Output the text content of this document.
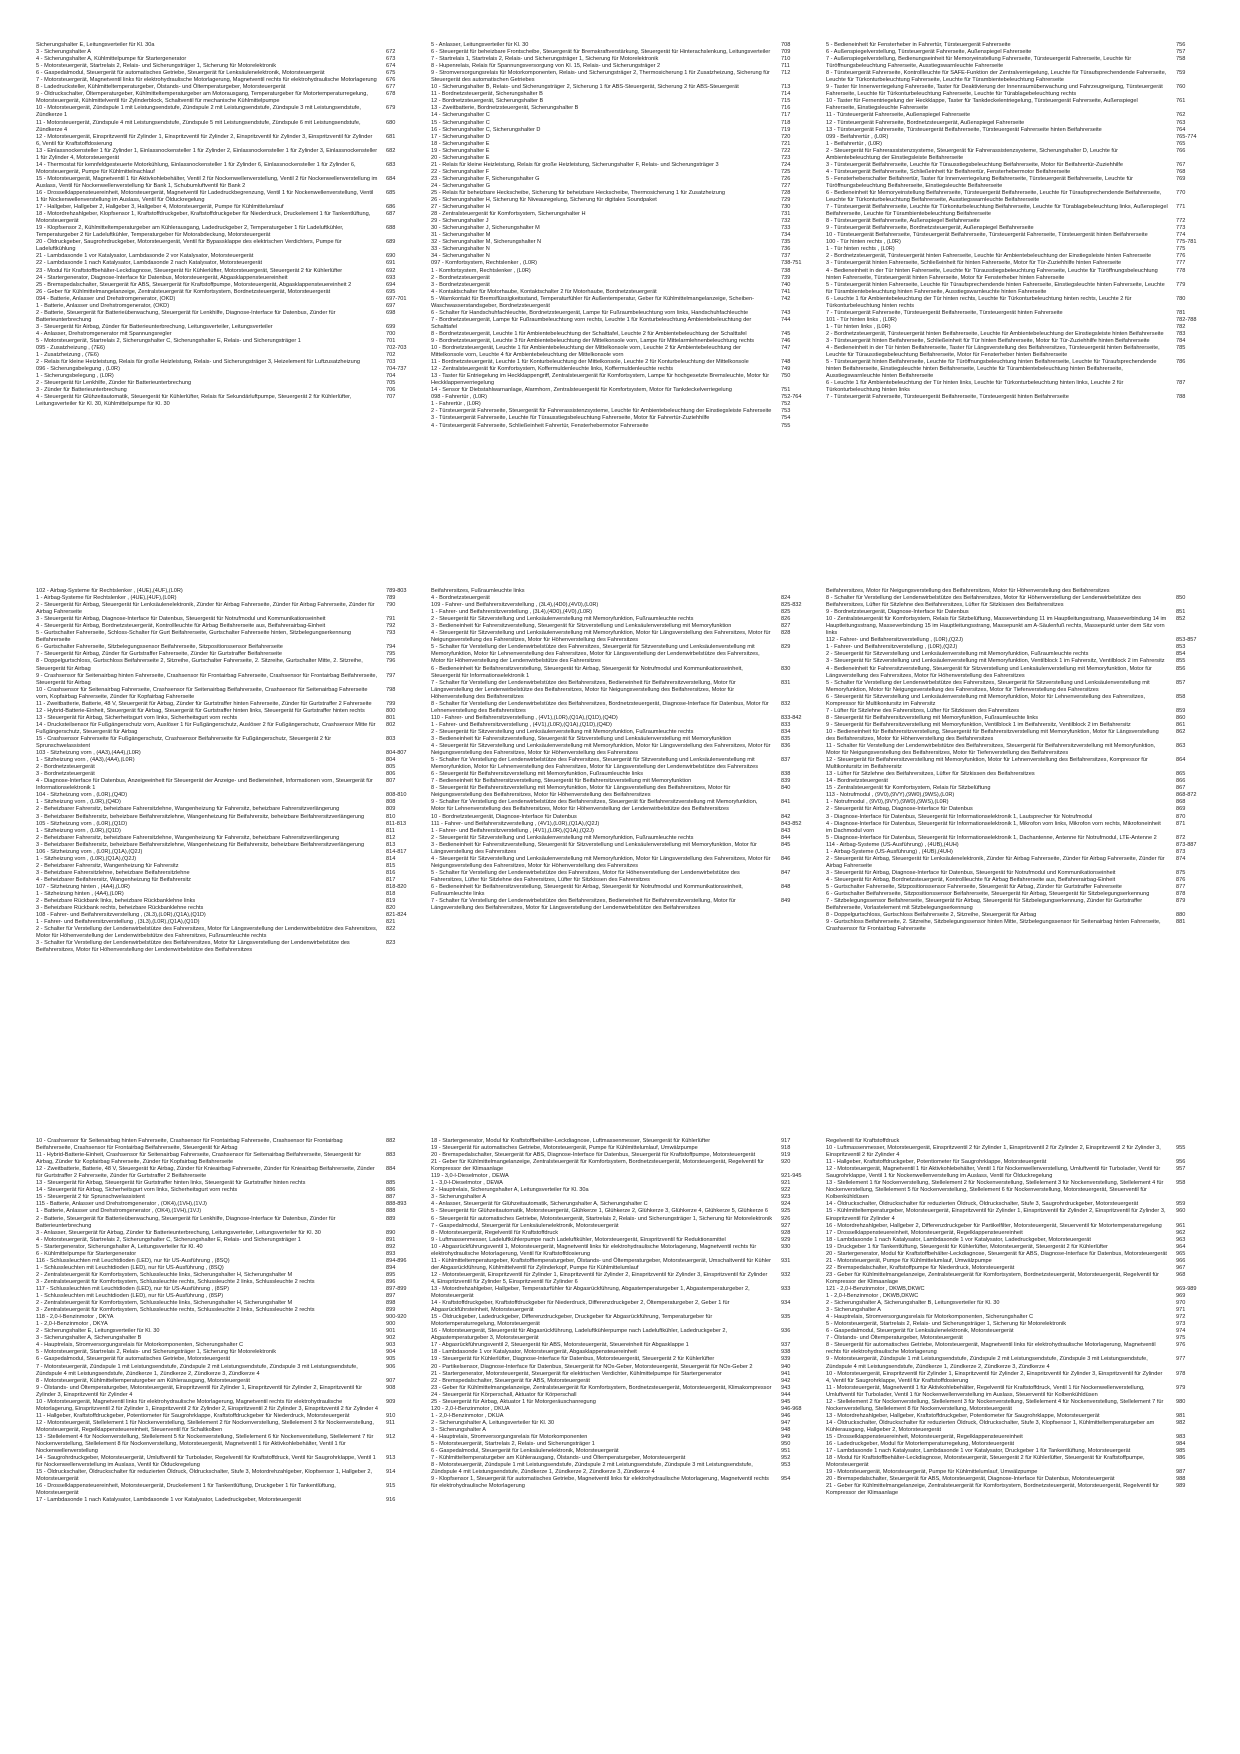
Sicherungshalter E, Leitungsverteiler für Kl. 30a
3 - Sicherungshalter A	672
4 - Sicherungshalter A, Kühlmittelpumpe für Startergenerator	673
5 - Motorsteuergerät, Startrelais 2, Relais- und Sicherungsträger 1, Sicherung für Motorelektronik	674
6 - Gaspedalmodul, Steuergerät für automatisches Getriebe, Steuergerät für Lenksäulenelektronik, Motorsteuergerät	675
7 - Motorsteuergerät, Magnetventil links für elektrohydraulische Motorlagerung, Magnetventil rechts für elektrohydraulische Motorlagerung	676
8 - Ladedrucksteller, Kühlmitteltemperaturgeber, Ölstands- und Öltemperaturgeber, Motorsteuergerät	677
9 - Öldruckschalter, Öltemperaturgeber, Kühlmitteltemperaturgeber am Motorausgang, Temperaturgeber für Motortemperaturregelung, Motorsteuergerät, Kühlmittelventil für Zylinderblock, Schaltventil für mechanische Kühlmittelpumpe
678
10 - Motorsteuergerät, Zündspule 1 mit Leistungsendstufe, Zündspule 2 mit Leistungsendstufe, Zündspule 3 mit Leistungsendstufe, Zündkerze 1
679
11 - Motorsteuergerät, Zündspule 4 mit Leistungsendstufe, Zündspule 5 mit Leistungsendstufe, Zündspule 6 mit Leistungsendstufe, Zündkerze 4
680
12 - Motorsteuergerät, Einspritzventil für Zylinder 1, Einspritzventil für Zylinder 2, Einspritzventil für Zylinder 3, Einspritzventil für Zylinder 6, Ventil für Kraftstoffdosierung
681
13 - Einlassnockensteller 1 für Zylinder 1, Einlassnockensteller 1 für Zylinder 2, Einlassnockensteller 1 für Zylinder 3, Einlassnockensteller 1 für Zylinder 4, Motorsteuergerät
682
14 - Thermostat für kennfeldgesteuerte Motorkühlung, Einlassnockensteller 1 für Zylinder 6, Einlassnockensteller 1 für Zylinder 6, Motorsteuergerät, Pumpe für Kühlmittelnachlauf
683
15 - Motorsteuergerät, Magnetventil 1 für Aktivkohlebehälter, Ventil 2 für Nockenwellenverstellung, Ventil 2 für Nockenwellenverstellung im Auslass, Ventil für Nockenwellenverstellung für Bank 1, Schubumluftventil für Bank 2
684
16 - Drosselklappensteuereinheit, Motorsteuergerät, Magnetventil für Ladedruckbegrenzung, Ventil 1 für Nockenwellenverstellung, Ventil 1 für Nockenwellenverstellung im Auslass, Ventil für Ölduckregelung
685
17 - Hallgeber, Hallgeber 2, Hallgeber 3, Hallgeber 4, Motorsteuergerät, Pumpe für Kühlmittelumlauf	686
18 - Motordrehzahlgeber, Klopfsensor 1, Kraftstoffdruckgeber, Kraftstoffdruckgeber für Niederdruck, Druckelement 1 für Tankentlüftung, Motorsteuergerät
687
19 - Klopfsensor 2, Kühlmitteltemperaturgeber am Kühlerausgang, Ladedruckgeber 2, Temperaturgeber 1 für Ladeluftkühler, Temperaturgeber 2 für Ladeluftkühler, Temperaturgeber für Motorabdeckung, Motorsteuergerät
688
20 - Öldruckgeber, Saugrohrdruckgeber, Motorsteuergerät, Ventil für Bypassklappe des elektrischen Verdichters, Pumpe für Ladeluftkühlung
689
21 - Lambdasonde 1 vor Katalysator, Lambdasonde 2 vor Katalysator, Motorsteuergerät	690
22 - Lambdasonde 1 nach Katalysator, Lambdasonde 2 nach Katalysator, Motorsteuergerät	691
23 - Modul für Kraftstoffbehälter-Leckdiagnose, Steuergerät für Kühlerlüfter, Motorsteuergerät, Steuergerät 2 für Kühlerlüfter	692
24 - Startergenerator, Diagnose-Interface für Datenbus, Motorsteuergerät, Abgasklappensteuereinheit	693
25 - Bremspedalschalter, Steuergerät für ABS, Steuergerät für Kraftstoffpumpe, Motorsteuergerät, Abgasklappensteuereinheit 2	694
26 - Geber für Kühlmittelmangelanzeige, Zentralsteuergerät für Komfortsystem, Bordnetzsteuergerät, Motorsteuergerät	695
094 - Batterie, Anlasser und Drehstromgenerator, (OKD)	697-701
1 - Batterie, Anlasser und Drehstromgenerator, (OKD)	697
2 - Batterie, Steuergerät für Batterieüberwachung, Steuergerät für Lenkhilfe, Diagnose-Interface für Datenbus, Zünder für Batterieunterbrechung
698
3 - Steuergerät für Airbag, Zünder für Batterieunterbrechung, Leitungsverteiler, Leitungsverteiler	699
4 - Anlasser, Drehstromgenerator mit Spannungsregler	700
5 - Motorsteuergerät, Startrelais 2, Sicherungshalter C, Sicherungshalter E, Relais- und Sicherungsträger 1	701
095 - Zusatzheizung , (7E6)	702-703
1 - Zusatzheizung , (7E6)	702
2 - Relais für kleine Heizleistung, Relais für große Heizleistung, Relais- und Sicherungsträger 3, Heizelement für Luftzusatzheizung	703
096 - Sicherungsbelegung , (L0R)	704-737
1 - Sicherungsbelegung , (L0R)	704
2 - Steuergerät für Lenkhilfe, Zünder für Batterieunterbrechung	705
3 - Zünder für Batterieunterbrechung	706
4 - Steuergerät für Glühzeitautomatik, Steuergerät für Kühlerlüfter, Relais für Sekundärluftpumpe, Steuergerät 2 für Kühlerlüfter, Leitungsverteiler für Kl. 30, Kühlmittelpumpe für Kl. 30
707
5 - Anlasser, Leitungsverteiler für Kl. 30	708
6 - Steuergerät für beheizbare Frontscheibe, Steuergerät für Bremskraftverstärkung, Steuergerät für Hinterachslenkung, Leitungsverteiler	709
7 - Startrelais 1, Startrelais 2, Relais- und Sicherungsträger 1, Sicherung für Motorelektronik	710
8 - Hupenrelais, Relais für Spannungsversorgung von Kl. 15, Relais- und Sicherungsträger 2	711
9 - Stromversorgungsrelais für Motorkomponenten, Relais- und Sicherungsträger 2, Thermosicherung 1 für Zusatzheizung, Sicherung für Steuergerät des automatischen Getriebes
712
10 - Sicherungshalter B, Relais- und Sicherungsträger 2, Sicherung 1 für ABS-Steuergerät, Sicherung 2 für ABS-Steuergerät	713
11 - Bordnetzsteuergerät, Sicherungshalter B	714
12 - Bordnetzsteuergerät, Sicherungshalter B	715
13 - Zweitbatterie, Bordnetzsteuergerät, Sicherungshalter B	716
14 - Sicherungshalter C	717
15 - Sicherungshalter C	718
16 - Sicherungshalter C, Sicherungshalter D	719
17 - Sicherungshalter D	720
18 - Sicherungshalter E	721
19 - Sicherungshalter E	722
20 - Sicherungshalter E	723
21 - Relais für kleine Heizleistung, Relais für große Heizleistung, Sicherungshalter F, Relais- und Sicherungsträger 3	724
22 - Sicherungshalter F	725
23 - Sicherungshalter F, Sicherungshalter G	726
24 - Sicherungshalter G	727
25 - Relais für beheizbare Heckscheibe, Sicherung für beheizbare Heckscheibe, Thermosicherung 1 für Zusatzheizung	728
26 - Sicherungshalter H, Sicherung für Niveauregelung, Sicherung für digitales Soundpaket	729
27 - Sicherungshalter H	730
28 - Zentralsteuergerät für Komfortsystem, Sicherungshalter H	731
29 - Sicherungshalter J	732
30 - Sicherungshalter J, Sicherungshalter M	733
31 - Sicherungshalter M	734
32 - Sicherungshalter M, Sicherungshalter N	735
33 - Sicherungshalter N	736
34 - Sicherungshalter N	737
097 - Komfortsystem, Rechtslenker , (L0R)	738-751
1 - Komfortsystem, Rechtslenker , (L0R)	738
2 - Bordnetzsteuergerät	739
3 - Bordnetzsteuergerät	740
4 - Kontaktschalter für Motorhaube, Kontaktschalter 2 für Motorhaube, Bordnetzsteuergerät	741
5 - Warnkontakt für Bremsflüssigkeitsstand, Temperaturfühler für Außentemperatur, Geber für Kühlmittelmangelanzeige, Scheiben-Waschwasserstandsgeber, Bordnetzsteuergerät
742
6 - Schalter für Handschuhfachleuchte, Bordnetzsteuergerät, Lampe für Fußraumbeleuchtung vorn links, Handschuhfachleuchte	743
7 - Bordnetzsteuergerät, Lampe für Fußraumbeleuchtung vorn rechts, Leuchte 1 für Konturbeleuchtung Ambientebeleuchtung der Schalttafel
744
8 - Bordnetzsteuergerät, Leuchte 1 für Ambientebeleuchtung der Schalttafel, Leuchte 2 für Ambientebeleuchtung der Schalttafel	745
9 - Bordnetzsteuergerät, Leuchte 3 für Ambientebeleuchtung der Mittelkonsole vorn, Lampe für Mittelarmlehnenbeleuchtung rechts	746
10 - Bordnetzsteuergerät, Leuchte 1 für Ambientebeleuchtung der Mittelkonsole vorn, Leuchte 2 für Ambientebeleuchtung der Mittelkonsole vorn, Leuchte 4 für Ambientebeleuchtung der Mittelkonsole vorn
747
11 - Bordnetzsteuergerät, Leuchte 1 für Konturbeleuchtung der Mittelkonsole, Leuchte 2 für Konturbeleuchtung der Mittelkonsole	748
12 - Zentralsteuergerät für Komfortsystem, Koffermuldenleuchte links, Koffermuldenleuchte rechts	749
13 - Taster für Entriegelung im Heckklappengriff, Zentralsteuergerät für Komfortsystem, Lampe für hochgesetzte Bremsleuchte, Motor für Heckklappenverriegelung
750
14 - Sensor für Diebstahlwarnanlage, Alarmhorn, Zentralsteuergerät für Komfortsystem, Motor für Tankdeckelverriegelung	751
098 - Fahrertür , (L0R)	752-764
1 - Fahrertür , (L0R)	752
2 - Türsteuergerät Fahrerseite, Steuergerät für Fahrerassistenzsysteme, Leuchte für Ambientebeleuchtung der Einstiegsleiste Fahrerseite	753
3 - Türsteuergerät Fahrerseite, Leuchte für Türausstiegsbeleuchtung Fahrerseite, Motor für Fahrertür-Zuziehhilfe	754
4 - Türsteuergerät Fahrerseite, Schließeinheit Fahrertür, Fensterhebermotor Fahrerseite	755
5 - Bedieneinheit für Fensterheber in Fahrertür, Türsteuergerät Fahrerseite	756
6 - Außenspiegelverstellung, Türsteuergerät Fahrerseite, Außenspiegel Fahrerseite	757
7 - Außenspiegelverstellung, Bedienungseinheit für Memoryeinstellung Fahrerseite, Türsteuergerät Fahrerseite, Leuchte für Türöffnungsbeleuchtung Fahrerseite, Ausstiegswarnleuchte Fahrerseite
758
8 - Türsteuergerät Fahrerseite, Kontrollleuchte für SAFE-Funktion der Zentralverriegelung, Leuchte für Türaufsprechendende Fahrerseite, Leuchte für Türkonturbeleuchtung Fahrerseite, Leuchte für Türambientebeleuchtung Fahrerseite
759
9 - Taster für Innenverriegelung Fahrerseite, Taster für Deaktivierung der Innenraumüberwachung und Fahrzeugneigung, Türsteuergerät Fahrerseite, Leuchte für Türkonturbeleuchtung Fahrerseite, Leuchte für Türablagebeleuchtung rechts
760
10 - Taster für Fernentriegelung der Heckklappe, Taster für Tankdeckelentriegelung, Türsteuergerät Fahrerseite, Außenspiegel Fahrerseite, Einstiegsleuchte Fahrerseite
761
11 - Türsteuergerät Fahrerseite, Außenspiegel Fahrerseite	762
12 - Türsteuergerät Fahrerseite, Bordnetzsteuergerät, Außenspiegel Fahrerseite	763
13 - Türsteuergerät Fahrerseite, Türsteuergerät Beifahrerseite, Türsteuergerät Fahrerseite hinten Beifahrerseite	764
099 - Beifahrertür , (L0R)	765-774
1 - Beifahrertür , (L0R)	765
2 - Steuergerät für Fahrerassistenzsysteme, Steuergerät für Fahrerassistenzsysteme, Sicherungshalter D, Leuchte für Ambientebeleuchtung der Einstiegsleiste Beifahrerseite
766
3 - Türsteuergerät Beifahrerseite, Leuchte für Türausstiegsbeleuchtung Beifahrerseite, Motor für Beifahrertür-Zuziehhilfe	767
4 - Türsteuergerät Beifahrerseite, Schließeinheit für Beifahrertür, Fensterhebermotor Beifahrerseite	768
5 - Fensterheberschalter Beifahrertür, Taster für Innenverriegelung Beifahrerseite, Türsteuergerät Beifahrerseite, Leuchte für Türöffnungsbeleuchtung Beifahrerseite, Einstiegsleuchte Beifahrerseite
769
6 - Bedieneinheit für Memoryeinstellung Beifahrerseite, Türsteuergerät Beifahrerseite, Leuchte für Türaufsprechendende Beifahrerseite, Leuchte für Türkonturbeleuchtung Beifahrerseite, Ausstiegswarnleuchte Beifahrerseite
770
7 - Türsteuergerät Beifahrerseite, Leuchte für Türkonturbeleuchtung Beifahrerseite, Leuchte für Türablagebeleuchtung links, Außenspiegel Beifahrerseite, Leuchte für Türambientebeleuchtung Beifahrerseite
771
8 - Türsteuergerät Beifahrerseite, Außenspiegel Beifahrerseite	772
9 - Türsteuergerät Beifahrerseite, Bordnetzsteuergerät, Außenspiegel Beifahrerseite	773
10 - Türsteuergerät Beifahrerseite, Türsteuergerät Beifahrerseite, Türsteuergerät Fahrerseite, Türsteuergerät hinten Beifahrerseite	774
100 - Tür hinten rechts , (L0R)	775-781
1 - Tür hinten rechts , (L0R)	775
2 - Bordnetzsteuergerät, Türsteuergerät hinten Fahrerseite, Leuchte für Ambientebeleuchtung der Einstiegsleiste hinten Fahrerseite	776
3 - Türsteuergerät hinten Fahrerseite, Schließeinheit für hinten Fahrerseite, Motor für Tür-Zuziehhilfe hinten Fahrerseite	777
4 - Bedieneinheit in der Tür hinten Fahrerseite, Leuchte für Türausstiegsbeleuchtung Fahrerseite, Leuchte für Türöffnungsbeleuchtung hinten Fahrerseite, Türsteuergerät hinten Fahrerseite, Motor für Fensterheber hinten Fahrerseite
778
5 - Türsteuergerät hinten Fahrerseite, Leuchte für Türaufsprechendende hinten Fahrerseite, Einstiegsleuchte hinten Fahrerseite, Leuchte für Türambientebeleuchtung hinten Fahrerseite, Ausstiegswarnleuchte hinten Fahrerseite
779
6 - Leuchte 1 für Ambientebeleuchtung der Tür hinten rechts, Leuchte für Türkonturbeleuchtung hinten rechts, Leuchte 2 für Türkonturbeleuchtung hinten rechts
780
7 - Türsteuergerät Fahrerseite, Türsteuergerät Beifahrerseite, Türsteuergerät hinten Fahrerseite	781
101 - Tür hinten links , (L0R)	782-788
1 - Tür hinten links , (L0R)	782
2 - Bordnetzsteuergerät, Türsteuergerät hinten Beifahrerseite, Leuchte für Ambientebeleuchtung der Einstiegsleiste hinten Beifahrerseite	783
3 - Türsteuergerät hinten Beifahrerseite, Schließeinheit für Tür hinten Beifahrerseite, Motor für Tür-Zuziehhilfe hinten Beifahrerseite	784
4 - Bedieneinheit in der Tür hinten Beifahrerseite, Taster für Längsverstellung des Beifahrersitzes, Türsteuergerät hinten Beifahrerseite, Leuchte für Türausstiegsbeleuchtung Beifahrerseite, Motor für Fensterheber hinten Beifahrerseite
785
5 - Türsteuergerät hinten Beifahrerseite, Leuchte für Türöffnungsbeleuchtung hinten Beifahrerseite, Leuchte für Türaufsprechendende hinten Beifahrerseite, Einstiegsleuchte hinten Beifahrerseite, Leuchte für Türambientebeleuchtung hinten Beifahrerseite, Ausstiegswarnleuchte hinten Beifahrerseite
786
6 - Leuchte 1 für Ambientebeleuchtung der Tür hinten links, Leuchte für Türkonturbeleuchtung hinten links, Leuchte 2 für Türkonturbeleuchtung hinten links
787
7 - Türsteuergerät Fahrerseite, Türsteuergerät Beifahrerseite, Türsteuergerät hinten Beifahrerseite	788
102 - Airbag-Systeme für Rechtslenker , (4UE),(4UF),(L0R)	789-803
1 - Airbag-Systeme für Rechtslenker , (4UE),(4UF),(L0R)	789
2 - Steuergerät für Airbag, Steuergerät für Lenksäulenelektronik, Zünder für Airbag Fahrerseite, Zünder für Airbag Fahrerseite, Zünder für Airbag Fahrerseite
790
3 - Steuergerät für Airbag, Diagnose-Interface für Datenbus, Steuergerät für Notrufmodul und Kommunikationseinheit	791
4 - Steuergerät für Airbag, Bordnetzsteuergerät, Kontrollleuchte für Airbag Beifahrerseite aus, Beifahrerairbag-Einheit	792
5 - Gurtschalter Fahrerseite, Schloss-Schalter für Gurt Beifahrerseite, Gurtschalter Fahrerseite hinten, Sitzbelegungserkennung Beifahrerseite
793
6 - Gurtschalter Fahrerseite, Sitzbelegungssensor Beifahrerseite, Sitzpositionssensor Beifahrerseite	794
7 - Steuergerät für Airbag, Zünder für Gurtstraffer Fahrerseite, Zünder für Gurtstraffer Beifahrerseite	795
8 - Doppelgurtschloss, Gurtschloss Beifahrerseite 2, Sitzreihe, Gurtschalter Fahrerseite, 2. Sitzreihe, Gurtschalter Mitte, 2. Sitzreihe, Steuergerät für Airbag
796
9 - Crashsensor für Seitenairbag hinten Fahrerseite, Crashsensor für Frontairbag Fahrerseite, Crashsensor für Frontairbag Beifahrerseite, Steuergerät für Airbag
797
10 - Crashsensor für Seitenairbag Fahrerseite, Crashsensor für Seitenairbag Beifahrerseite, Crashsensor für Seitenairbag Fahrerseite vorn, Kopfairbag Fahrerseite, Zünder für Kopfairbag Fahrerseite
798
11 - Zweitbatterie, Batterie, 48 V, Steuergerät für Airbag, Zünder für Gurtstraffer hinten Fahrerseite, Zünder für Gurtstraffer 2 Fahrerseite	799
12 - Hybrid-Batterie-Einheit, Steuergerät für Airbag, Steuergerät für Gurtstraffer hinten links, Steuergerät für Gurtstraffer hinten rechts	800
13 - Steuergerät für Airbag, Sicherheitsgurt vorn links, Sicherheitsgurt vorn rechts	801
14 - Drucksteilsensor für Fußgängerschutz vorn, Auslöser 1 für Fußgängerschutz, Auslöser 2 für Fußgängerschutz, Crashsensor Mitte für Fußgängerschutz, Steuergerät für Airbag
802
15 - Crashsensor Fahrerseite für Fußgängerschutz, Crashsensor Beifahrerseite für Fußgängerschutz, Steuergerät 2 für Sprunschwelassistent
803
103 - Sitzheizung vorn , (4A3),(4A4),(L0R)	804-807
1 - Sitzheizung vorn , (4A3),(4A4),(L0R)	804
2 - Bordnetzsteuergerät	805
3 - Bordnetzsteuergerät	806
4 - Diagnose-Interface für Datenbus, Anzeigeeinheit für Steuergerät der Anzeige- und Bedieneinheit, Informationen vorn, Steuergerät für Informationselektronik 1
807
104 - Sitzheizung vorn , (L0R),(Q4D)	808-810
1 - Sitzheizung vorn , (L0R),(Q4D)	808
2 - Beheizbarer Fahrersitz, beheizbare Fahrersitzlehne, Wangenheizung für Fahrersitz, beheizbare Fahrersitzverlängerung	809
3 - Beheizbarer Beifahrersitz, beheizbare Beifahrersitzlehne, Wangenheizung für Beifahrersitz, beheizbare Beifahrersitzverlängerung	810
105 - Sitzheizung vorn , (L0R),(Q1D)	811-813
1 - Sitzheizung vorn , (L0R),(Q1D)	811
2 - Beheizbarer Fahrersitz, beheizbare Fahrersitzlehne, Wangenheizung für Fahrersitz, beheizbare Fahrersitzverlängerung	812
3 - Beheizbarer Beifahrersitz, beheizbare Beifahrersitzlehne, Wangenheizung für Beifahrersitz, beheizbare Beifahrersitzverlängerung	813
106 - Sitzheizung vorn , (L0R),(Q1A),(Q2J)	814-817
1 - Sitzheizung vorn , (L0R),(Q1A),(Q2J)	814
2 - Beheizbarer Fahrersitz, Wangenheizung für Fahrersitz	815
3 - Beheizbare Fahrersitzlehne, beheizbare Beifahrersitzlehne	816
4 - Beheizbarer Beifahrersitz, Wangenheizung für Beifahrersitz	817
107 - Sitzheizung hinten , (4A4),(L0R)	818-820
1 - Sitzheizung hinten , (4A4),(L0R)	818
2 - Beheizbare Rückbank links, beheizbare Rückbanklehne links	819
3 - Beheizbare Rückbank rechts, beheizbare Rückbanklehne rechts	820
108 - Fahrer- und Beifahrersitzverstellung , (3L3),(L0R),(Q1A),(Q1D)	821-824
1 - Fahrer- und Beifahrersitzverstellung , (3L3),(L0R),(Q1A),(Q1D)	821
2 - Schalter für Verstellung der Lendenwirbelstütze des Fahrersitzes, Motor für Längsverstellung der Lendenwirbelstütze des Fahrersitzes, Motor für Höhenverstellung der Lendenwirbelstütze des Fahrersitzes, Fußraumleuchte rechts
822
3 - Schalter für Verstellung der Lendenwirbelstütze des Beifahrersitzes, Motor für Längsverstellung der Lendenwirbelstütze des Beifahrersitzes, Motor für Höhenverstellung der Lendenwirbelstütze des Beifahrersitzes
823
Beifahrersitzes, Fußraumleuchte links
4 - Bordnetzsteuergerät	824
109 - Fahrer- und Beifahrersitzverstellung , (3L4),(4D0),(4V0),(L0R)	825-832
1 - Fahrer- und Beifahrersitzverstellung , (3L4),(4D0),(4V0),(L0R)	825
2 - Steuergerät für Sitzverstellung und Lenksäulenverstellung mit Memoryfunktion, Fußraumleuchte rechts	826
3 - Bedieneinheit für Fahrersitzverstellung, Steuergerät für Sitzverstellung und Lenksäulenverstellung mit Memoryfunktion	827
4 - Steuergerät für Sitzverstellung und Lenksäulenverstellung mit Memoryfunktion, Motor für Längsverstellung des Fahrersitzes, Motor für Neigungsverstellung des Fahrersitzes, Motor für Höhenverstellung des Fahrersitzes
828
5 - Schalter für Verstellung der Lendenwirbelstütze des Fahrersitzes, Steuergerät für Sitzverstellung und Lenksäulenverstellung mit Memoryfunktion, Motor für Lehnenverstellung des Fahrersitzes, Motor für Längsverstellung der Lendenwirbelstütze des Fahrersitzes, Motor für Höhenverstellung der Lendenwirbelstütze des Fahrersitzes
829
6 - Bedieneinheit für Beifahrersitzverstellung, Steuergerät für Airbag, Steuergerät für Notrufmodul und Kommunikationseinheit, Steuergerät für Informationselektronik 1
830
7 - Schalter für Verstellung der Lendenwirbelstütze des Beifahrersitzes, Bedieneinheit für Beifahrersitzverstellung, Motor für Längsverstellung der Lendenwirbelstütze des Beifahrersitzes, Motor für Neigungsverstellung des Beifahrersitzes, Motor für Höhenverstellung des Beifahrersitzes
831
8 - Schalter für Verstellung der Lendenwirbelstütze des Beifahrersitzes, Bordnetzsteuergerät, Diagnose-Interface für Datenbus, Motor für Lehnenverstellung des Beifahrersitzes
832
110 - Fahrer- und Beifahrersitzverstellung , (4V1),(L0R),(Q1A),(Q1D),(Q4D)	833-842
1 - Fahrer- und Beifahrersitzverstellung , (4V1),(L0R),(Q1A),(Q1D),(Q4D)	833
2 - Steuergerät für Sitzverstellung und Lenksäulenverstellung mit Memoryfunktion, Fußraumleuchte rechts	834
3 - Bedieneinheit für Fahrersitzverstellung, Steuergerät für Sitzverstellung und Lenksäulenverstellung mit Memoryfunktion	835
4 - Steuergerät für Sitzverstellung und Lenksäulenverstellung mit Memoryfunktion, Motor für Längsverstellung des Fahrersitzes, Motor für Neigungsverstellung des Fahrersitzes, Motor für Höhenverstellung des Fahrersitzes
836
5 - Schalter für Verstellung der Lendenwirbelstütze des Fahrersitzes, Steuergerät für Sitzverstellung und Lenksäulenverstellung mit Memoryfunktion, Motor für Lehnenverstellung des Fahrersitzes, Motor für Längsverstellung der Lendenwirbelstütze des Fahrersitzes
837
6 - Steuergerät für Beifahrersitzverstellung mit Memoryfunktion, Fußraumleuchte links	838
7 - Bedieneinheit für Beifahrersitzverstellung, Steuergerät für Beifahrersitzverstellung mit Memoryfunktion	839
8 - Steuergerät für Beifahrersitzverstellung mit Memoryfunktion, Motor für Längsverstellung des Beifahrersitzes, Motor für Neigungsverstellung des Beifahrersitzes, Motor für Höhenverstellung des Beifahrersitzes
840
9 - Schalter für Verstellung der Lendenwirbelstütze des Beifahrersitzes, Steuergerät für Beifahrersitzverstellung mit Memoryfunktion, Motor für Lehnenverstellung des Beifahrersitzes, Motor für Höhenverstellung der Lendenwirbelstütze des Beifahrersitzes
841
10 - Bordnetzsteuergerät, Diagnose-Interface für Datenbus	842
111 - Fahrer- und Beifahrersitzverstellung , (4V1),(L0R),(Q1A),(Q2J)	843-852
1 - Fahrer- und Beifahrersitzverstellung , (4V1),(L0R),(Q1A),(Q2J)	843
2 - Steuergerät für Sitzverstellung und Lenksäulenverstellung mit Memoryfunktion, Fußraumleuchte rechts	844
3 - Bedieneinheit für Fahrersitzverstellung, Steuergerät für Sitzverstellung und Lenksäulenverstellung mit Memoryfunktion, Motor für Längsverstellung des Fahrersitzes
845
4 - Steuergerät für Sitzverstellung und Lenksäulenverstellung mit Memoryfunktion, Motor für Längsverstellung des Fahrersitzes, Motor für Neigungsverstellung des Fahrersitzes, Motor für Höhenverstellung des Fahrersitzes
846
5 - Schalter für Verstellung der Lendenwirbelstütze des Fahrersitzes, Motor für Höhenverstellung der Lendenwirbelstütze des Fahrersitzes, Lüfter für Sitzlehne des Fahrersitzes, Lüfter für Sitzkissen des Fahrersitzes
847
6 - Bedieneinheit für Beifahrersitzverstellung, Steuergerät für Airbag, Steuergerät für Notrufmodul und Kommunikationseinheit, Fußraumleuchte links
848
7 - Schalter für Verstellung der Lendenwirbelstütze des Beifahrersitzes, Bedieneinheit für Beifahrersitzverstellung, Motor für Längsverstellung des Beifahrersitzes, Motor für Längsverstellung der Lendenwirbelstütze des Beifahrersitzes
849
Beifahrersitzes, Motor für Neigungsverstellung des Beifahrersitzes, Motor für Höhenverstellung des Beifahrersitzes
8 - Schalter für Verstellung der Lendenwirbelstütze des Beifahrersitzes, Motor für Höhenverstellung der Lendenwirbelstütze des Beifahrersitzes, Lüfter für Sitzlehne des Beifahrersitzes, Lüfter für Sitzkissen des Beifahrersitzes
850
9 - Bordnetzsteuergerät, Diagnose-Interface für Datenbus	851
10 - Zentralsteuergerät für Komfortsystem, Relais für Sitzbelüftung, Masseverbindung 11 im Hauptleitungsstrang, Masseverbindung 14 im Hauptleitungsstrang, Masseverbindung 15 im Hauptleitungsstrang, Massepunkt am A-Säulenfuß rechts, Massepunkt unter dem Sitz vorn links
852
112 - Fahrer- und Beifahrersitzverstellung , (L0R),(Q2J)	853-857
1 - Fahrer- und Beifahrersitzverstellung , (L0R),(Q2J)	853
2 - Steuergerät für Sitzverstellung und Lenksäulenverstellung mit Memoryfunktion, Fußraumleuchte rechts	854
3 - Steuergerät für Sitzverstellung und Lenksäulenverstellung mit Memoryfunktion, Ventilblock 1 im Fahrersitz, Ventilblock 2 im Fahrersitz	855
4 - Bedieneinheit für Fahrersitzverstellung, Steuergerät für Sitzverstellung und Lenksäulenverstellung mit Memoryfunktion, Motor für Längsverstellung des Fahrersitzes, Motor für Höhenverstellung des Fahrersitzes
856
5 - Schalter für Verstellung der Lendenwirbelstütze des Fahrersitzes, Steuergerät für Sitzverstellung und Lenksäulenverstellung mit Memoryfunktion, Motor für Neigungsverstellung des Fahrersitzes, Motor für Tiefenverstellung des Fahrersitzes
857
6 - Steuergerät für Sitzverstellung und Lenksäulenverstellung mit Memoryfunktion, Motor für Lehnenverstellung des Fahrersitzes, Kompressor für Multikontursitz im Fahrersitz
858
7 - Lüfter für Sitzlehne des Fahrersitzes, Lüfter für Sitzkissen des Fahrersitzes	859
8 - Steuergerät für Beifahrersitzverstellung mit Memoryfunktion, Fußraumleuchte links	860
9 - Steuergerät für Beifahrersitzverstellung mit Memoryfunktion, Ventilblock 1 im Beifahrersitz, Ventilblock 2 im Beifahrersitz	861
10 - Bedieneinheit für Beifahrersitzverstellung, Steuergerät für Beifahrersitzverstellung mit Memoryfunktion, Motor für Längsverstellung des Beifahrersitzes, Motor für Höhenverstellung des Beifahrersitzes
862
11 - Schalter für Verstellung der Lendenwirbelstütze des Beifahrersitzes, Steuergerät für Beifahrersitzverstellung mit Memoryfunktion, Motor für Neigungsverstellung des Beifahrersitzes, Motor für Tiefenverstellung des Beifahrersitzes
863
12 - Steuergerät für Beifahrersitzverstellung mit Memoryfunktion, Motor für Lehnenverstellung des Beifahrersitzes, Kompressor für Multikontursitz im Beifahrersitz
864
13 - Lüfter für Sitzlehne des Beifahrersitzes, Lüfter für Sitzkissen des Beifahrersitzes	865
14 - Bordnetzsteuergerät	866
15 - Zentralsteuergerät für Komfortsystem, Relais für Sitzbelüftung	867
113 - Notrufmodul , (9V0),(9VY),(9W0),(9WS),(L0R)	868-872
1 - Notrufmodul , (9V0),(9VY),(9W0),(9WS),(L0R)	868
2 - Steuergerät für Airbag, Diagnose-Interface für Datenbus	869
3 - Diagnose-Interface für Datenbus, Steuergerät für Informationselektronik 1, Lautsprecher für Notrufmodul	870
4 - Diagnose-Interface für Datenbus, Steuergerät für Informationselektronik 1, Mikrofon vorn links, Mikrofon vorn rechts, Mikrofoneinheit im Dachmodul vorn
871
5 - Diagnose-Interface für Datenbus, Steuergerät für Informationselektronik 1, Dachantenne, Antenne für Notrufmodul, LTE-Antenne 2	872
114 - Airbag-Systeme (US-Ausführung) , (4UB),(4UH)	873-887
1 - Airbag-Systeme (US-Ausführung) , (4UB),(4UH)	873
2 - Steuergerät für Airbag, Steuergerät für Lenksäulenelektronik, Zünder für Airbag Fahrerseite, Zünder für Airbag Fahrerseite, Zünder für Airbag Fahrerseite
874
3 - Steuergerät für Airbag, Diagnose-Interface für Datenbus, Steuergerät für Notrufmodul und Kommunikationseinheit	875
4 - Steuergerät für Airbag, Bordnetzsteuergerät, Kontrollleuchte für Airbag Beifahrerseite aus, Beifahrerairbag-Einheit	876
5 - Gurtschalter Fahrerseite, Sitzpositionssensor Fahrerseite, Steuergerät für Airbag, Zünder für Gurtstraffer Fahrerseite	877
6 - Gurtschalter Beifahrerseite, Sitzpositionssensor Beifahrerseite, Steuergerät für Airbag, Steuergerät für Sitzbelegungserkennung	878
7 - Sitzbelegungssensor Beifahrerseite, Steuergerät für Airbag, Steuergerät für Sitzbelegungserkennung, Zünder für Gurtstraffer Beifahrerseite, Vorlastelement mit Sitzbelegungserkennung
879
8 - Doppelgurtschloss, Gurtschloss Beifahrerseite 2, Sitzreihe, Steuergerät für Airbag	880
9 - Gurtschloss Beifahrerseite, 2. Sitzreihe, Sitzbelegungssensor hinten Mitte, Sitzbelegungssensor für Seitenairbag hinten Fahrerseite, Crashsensor für Frontairbag Fahrerseite
881
10 - Crashsensor für Seitenairbag hinten Fahrerseite, Crashsensor für Frontairbag Fahrerseite, Crashsensor für Frontairbag Beifahrerseite, Crashsensor für Frontairbag Beifahrerseite, Steuergerät für Airbag
882
11 - Hybrid-Batterie-Einheit, Crashsensor für Seitenairbag Fahrerseite, Crashsensor für Seitenairbag Beifahrerseite, Steuergerät für Airbag, Zünder für Kopfairbag Fahrerseite, Zünder für Kopfairbag Beifahrerseite
883
12 - Zweitbatterie, Batterie, 48 V, Steuergerät für Airbag, Zünder für Knieairbag Fahrerseite, Zünder für Knieairbag Beifahrerseite, Zünder für Gurtstraffer 2 Fahrerseite, Zünder für Gurtstraffer 2 Beifahrerseite
884
13 - Steuergerät für Airbag, Steuergerät für Gurtstraffer hinten links, Steuergerät für Gurtstraffer hinten rechts	885
14 - Steuergerät für Airbag, Sicherheitsgurt vorn links, Sicherheitsgurt vorn rechts	886
15 - Steuergerät 2 für Sprunschwelassistent	887
115 - Batterie, Anlasser und Drehstromgenerator , (OK4),(1VH),(1VJ)	888-893
1 - Batterie, Anlasser und Drehstromgenerator , (OK4),(1VH),(1VJ)	888
2 - Batterie, Steuergerät für Batterieüberwachung, Steuergerät für Lenkhilfe, Diagnose-Interface für Datenbus, Zünder für Batterieunterbrechung
889
3 - Anlasser, Steuergerät für Airbag, Zünder für Batterieunterbrechung, Leitungsverteiler, Leitungsverteiler für Kl. 30	890
4 - Motorsteuergerät, Startrelais 2, Sicherungshalter C, Sicherungshalter E, Relais- und Sicherungsträger 1	891
5 - Startergenerator, Sicherungshalter A, Leitungsverteiler für Kl. 40	892
6 - Kühlmittelpumpe für Startergenerator	893
116 - Schlussleuchten mit Leuchtdioden (LED), nur für US-Ausführung , (8SQ)	894-896
1 - Schlussleuchten mit Leuchtdioden (LED), nur für US-Ausführung , (8SQ)	894
2 - Zentralsteuergerät für Komfortsystem, Schlussleuchte links, Sicherungshalter H, Sicherungshalter M	895
3 - Zentralsteuergerät für Komfortsystem, Schlussleuchte rechts, Schlussleuchte 2 links, Schlussleuchte 2 rechts	896
117 - Schlussleuchten mit Leuchtdioden (LED), nur für US-Ausführung , (8SP)	897-899
1 - Schlussleuchten mit Leuchtdioden (LED), nur für US-Ausführung , (8SP)	897
2 - Zentralsteuergerät für Komfortsystem, Schlussleuchte links, Sicherungshalter H, Sicherungshalter M	898
3 - Zentralsteuergerät für Komfortsystem, Schlussleuchte rechts, Schlussleuchte 2 links, Schlussleuchte 2 rechts	899
118 - 2,0-l-Benzinmotor , DKYA	900-920
1 - 2,0-l-Benzinmotor , DKYA	900
2 - Sicherungshalter E, Leitungsverteiler für Kl. 30	901
3 - Sicherungshalter A, Sicherungshalter B	902
4 - Hauptrelais, Stromversorgungsrelais für Motorkomponenten, Sicherungshalter C	903
5 - Motorsteuergerät, Startrelais 2, Relais- und Sicherungsträger 1, Sicherung für Motorelektronik	904
6 - Gaspedalmodul, Steuergerät für automatisches Getriebe, Motorsteuergerät	905
7 - Motorsteuergerät, Zündspule 1 mit Leistungsendstufe, Zündspule 2 mit Leistungsendstufe, Zündspule 3 mit Leistungsendstufe, Zündspule 4 mit Leistungsendstufe, Zündkerze 1, Zündkerze 2, Zündkerze 3, Zündkerze 4
906
8 - Motorsteuergerät, Kühlmitteltemperaturgeber am Kühlerausgang, Motorsteuergerät	907
9 - Ölstands- und Öltemperaturgeber, Motorsteuergerät, Einspritzventil für Zylinder 1, Einspritzventil für Zylinder 2, Einspritzventil für Zylinder 3, Einspritzventil für Zylinder 4
908
10 - Motorsteuergerät, Magnetventil links für elektrohydraulische Motorlagerung, Magnetventil rechts für elektrohydraulische Motorlagerung, Einspritzventil 2 für Zylinder 1, Einspritzventil 2 für Zylinder 2, Einspritzventil 2 für Zylinder 3, Einspritzventil 2 für Zylinder 4
909
11 - Hallgeber, Kraftstoffdruckgeber, Potentiometer für Saugrohrklappe, Kraftstoffdruckgeber für Niederdruck, Motorsteuergerät	910
12 - Motorsteuergerät, Stellelement 1 für Nockenverstellung, Stellelement 2 für Nockenverstellung, Stellelement 3 für Nockenverstellung, Motorsteuergerät, Regelklappensteuereinheit, Steuerventil für Schaltkolben
911
13 - Stellelement 4 für Nockenverstellung, Stellelement 5 für Nockenverstellung, Stellelement 6 für Nockenverstellung, Stellelement 7 für Nockenverstellung, Stellelement 8 für Nockenverstellung, Motorsteuergerät, Magnetventil 1 für Aktivkohlebehälter, Ventil 1 für Nockenwellenverstellung
912
14 - Saugrohrdruckgeber, Motorsteuergerät, Umluftventil für Turbolader, Regelventil für Kraftstoffdruck, Ventil für Saugrohrklappe, Ventil 1 für Nockenwellenverstellung im Auslass, Ventil für Ölduckregelung
913
15 - Öldruckschalter, Öldruckschalter für reduzierten Öldruck, Öldruckschalter, Stufe 3, Motordrehzahlgeber, Klopfsensor 1, Hallgeber 2, Motorsteuergerät
914
16 - Drosselklappensteuereinheit, Motorsteuergerät, Druckelement 1 für Tankentlüftung, Druckgeber 1 für Tankentlüftung, Motorsteuergerät
915
17 - Lambdasonde 1 nach Katalysator, Lambdasonde 1 vor Katalysator, Ladedruckgeber, Motorsteuergerät	916
18 - Startergenerator, Modul für Kraftstoffbehälter-Leckdiagnose, Luftmassenmesser, Steuergerät für Kühlerlüfter	917
19 - Steuergerät für automatisches Getriebe, Motorsteuergerät, Pumpe für Kühlmittelumlauf, Umwälzpumpe	918
20 - Bremspedalschalter, Steuergerät für ABS, Diagnose-Interface für Datenbus, Steuergerät für Kraftstoffpumpe, Motorsteuergerät	919
21 - Geber für Kühlmittelmangelanzeige, Zentralsteuergerät für Komfortsystem, Bordnetzsteuergerät, Motorsteuergerät, Regelventil für Kompressor der Klimaanlage
920
119 - 3,0-l-Dieselmotor , DEWA	921-945
1 - 3,0-l-Dieselmotor , DEWA	921
2 - Hauptrelais, Sicherungshalter A, Leitungsverteiler für Kl. 30a	922
3 - Sicherungshalter A	923
4 - Anlasser, Steuergerät für Glühzeitautomatik, Sicherungshalter A, Sicherungshalter C	924
5 - Steuergerät für Glühzeitautomatik, Motorsteuergerät, Glühkerze 1, Glühkerze 2, Glühkerze 3, Glühkerze 4, Glühkerze 5, Glühkerze 6	925
6 - Steuergerät für automatisches Getriebe, Motorsteuergerät, Startrelais 2, Relais- und Sicherungsträger 1, Sicherung für Motorelektronik	926
7 - Gaspedalmodul, Steuergerät für Lenksäulenelektronik, Motorsteuergerät	927
8 - Motorsteuergerät, Regelventil für Kraftstoffdruck	928
9 - Luftmassenmesser, Ladeluftkühlerpumpe nach Ladeluftkühler, Motorsteuergerät, Einspritzventil für Reduktionsmittel	929
10 - Abgasrückführungsventil 1, Motorsteuergerät, Magnetventil links für elektrohydraulische Motorlagerung, Magnetventil rechts für elektrohydraulische Motorlagerung, Ventil für Kraftstoffdosierung
930
11 - Kühlmitteltemperaturgeber, Kraftstofftemperaturgeber, Ölstands- und Öltemperaturgeber, Motorsteuergerät, Umschaltventil für Kühler der Abgasrückführung, Kühlmittelventil für Zylinderkopf, Pumpe für Kühlmittelumlauf
931
12 - Motorsteuergerät, Einspritzventil für Zylinder 1, Einspritzventil für Zylinder 2, Einspritzventil für Zylinder 3, Einspritzventil für Zylinder 4, Einspritzventil für Zylinder 5, Einspritzventil für Zylinder 6
932
13 - Motordrehzahlgeber, Hallgeber, Temperaturfühler für Abgasrückführung, Abgastemperaturgeber 1, Abgastemperaturgeber 2, Motorsteuergerät
933
14 - Kraftstoffdruckgeber, Kraftstoffdruckgeber für Niederdruck, Differenzdruckgeber 2, Öltemperaturgeber 2, Geber 1 für Abgasrückführsteinheit, Motorsteuergerät
934
15 - Öldruckgeber, Ladedruckgeber, Differenzdruckgeber, Druckgeber für Abgasrückführung, Temperaturgeber für Motortemperaturregelung, Motorsteuergerät
935
16 - Motorsteuergerät, Steuergerät für Abgasrückführung, Ladeluftkühlerpumpe nach Ladeluftkühler, Ladedruckgeber 2, Abgastemperaturgeber 3, Motorsteuergerät
936
17 - Abgasrückführungsventil 2, Steuergerät für ABS, Motorsteuergerät, Steuereinheit für Abgasklappe 1	937
18 - Lambdasonde 1 vor Katalysator, Motorsteuergerät, Abgasklappensteuereinheit	938
19 - Steuergerät für Kühlerlüfter, Diagnose-Interface für Datenbus, Motorsteuergerät, Steuergerät 2 für Kühlerlüfter	939
20 - Partikelsensor, Diagnose-Interface für Datenbus, Steuergerät für NOx-Geber, Motorsteuergerät, Steuergerät für NOx-Geber 2	940
21 - Startergenerator, Motorsteuergerät, Steuergerät für elektrischen Verdichter, Kühlmittelpumpe für Startergenerator	941
22 - Bremspedalschalter, Steuergerät für ABS, Motorsteuergerät	942
23 - Geber für Kühlmittelmangelanzeige, Zentralsteuergerät für Komfortsystem, Bordnetzsteuergerät, Motorsteuergerät, Klimakompressor	943
24 - Steuergerät für Körperschall, Aktuator für Körperschall	944
25 - Steuergerät für Airbag, Aktuator 1 für Motorgeräuschanregung	945
120 - 2,0-l-Benzinmotor , DKUA	946-968
1 - 2,0-l-Benzinmotor , DKUA	946
2 - Sicherungshalter A, Leitungsverteiler für Kl. 30	947
3 - Sicherungshalter A	948
4 - Hauptrelais, Stromversorgungsrelais für Motorkomponenten	949
5 - Motorsteuergerät, Startrelais 2, Relais- und Sicherungsträger 1	950
6 - Gaspedalmodul, Steuergerät für Lenksäulenelektronik, Motorsteuergerät	951
7 - Kühlmitteltemperaturgeber am Kühlerausgang, Ölstands- und Öltemperaturgeber, Motorsteuergerät	952
8 - Motorsteuergerät, Zündspule 1 mit Leistungsendstufe, Zündspule 2 mit Leistungsendstufe, Zündspule 3 mit Leistungsendstufe, Zündspule 4 mit Leistungsendstufe, Zündkerze 1, Zündkerze 2, Zündkerze 3, Zündkerze 4
953
9 - Klopfsensor 1, Steuergerät für automatisches Getriebe, Magnetventil links für elektrohydraulische Motorlagerung, Magnetventil rechts für elektrohydraulische Motorlagerung
954
Regelventil für Kraftstoffdruck
10 - Luftmassenmesser, Motorsteuergerät, Einspritzventil 2 für Zylinder 1, Einspritzventil 2 für Zylinder 2, Einspritzventil 2 für Zylinder 3, Einspritzventil 2 für Zylinder 4
955
11 - Hallgeber, Kraftstoffdruckgeber, Potentiometer für Saugrohrklappe, Motorsteuergerät	956
12 - Motorsteuergerät, Magnetventil 1 für Aktivkohlebehälter, Ventil 1 für Nockenwellenverstellung, Umluftventil für Turbolader, Ventil für Saugrohrklappe, Ventil 1 für Nockenwellenverstellung im Auslass, Ventil für Ölduckregelung
957
13 - Stellelement 1 für Nockenverstellung, Stellelement 2 für Nockenverstellung, Stellelement 3 für Nockenverstellung, Stellelement 4 für Nockenverstellung, Stellelement 5 für Nockenverstellung, Stellelement 6 für Nockenverstellung, Motorsteuergerät, Steuerventil für Kolbenkühldüsen
958
14 - Öldruckschalter, Öldruckschalter für reduzierten Öldruck, Öldruckschalter, Stufe 3, Saugrohrdruckgeber, Motorsteuergerät	959
15 - Kühlmitteltemperaturgeber, Motorsteuergerät, Einspritzventil für Zylinder 1, Einspritzventil für Zylinder 2, Einspritzventil für Zylinder 3, Einspritzventil für Zylinder 4
960
16 - Motordrehzahlgeber, Hallgeber 2, Differenzdruckgeber für Partikelfilter, Motorsteuergerät, Steuerventil für Motortemperaturregelung	961
17 - Drosselklappensteuereinheit, Motorsteuergerät, Regelklappensteuereinheit	962
18 - Lambdasonde 1 nach Katalysator, Lambdasonde 1 vor Katalysator, Ladedruckgeber, Motorsteuergerät	963
19 - Druckgeber 1 für Tankentlüftung, Steuergerät für Kühlerlüfter, Motorsteuergerät, Steuergerät 2 für Kühlerlüfter	964
20 - Startergenerator, Modul für Kraftstoffbehälter-Leckdiagnose, Steuergerät für ABS, Diagnose-Interface für Datenbus, Motorsteuergerät	965
21 - Motorsteuergerät, Pumpe für Kühlmittelumlauf, Umwälzpumpe	966
22 - Bremspedalschalter, Kraftstoffpumpe für Niederdruck, Motorsteuergerät	967
23 - Geber für Kühlmittelmangelanzeige, Zentralsteuergerät für Komfortsystem, Bordnetzsteuergerät, Motorsteuergerät, Regelventil für Kompressor der Klimaanlage
968
121 - 2,0-l-Benzinmotor , DKWB,DKWC	969-989
1 - 2,0-l-Benzinmotor , DKWB,DKWC	969
2 - Sicherungshalter A, Sicherungshalter B, Leitungsverteiler für Kl. 30	970
3 - Sicherungshalter A	971
4 - Hauptrelais, Stromversorgungsrelais für Motorkomponenten, Sicherungshalter C	972
5 - Motorsteuergerät, Startrelais 2, Relais- und Sicherungsträger 1, Sicherung für Motorelektronik	973
6 - Gaspedalmodul, Steuergerät für Lenksäulenelektronik, Motorsteuergerät	974
7 - Ölstands- und Öltemperaturgeber, Motorsteuergerät	975
8 - Steuergerät für automatisches Getriebe, Motorsteuergerät, Magnetventil links für elektrohydraulische Motorlagerung, Magnetventil rechts für elektrohydraulische Motorlagerung
976
9 - Motorsteuergerät, Zündspule 1 mit Leistungsendstufe, Zündspule 2 mit Leistungsendstufe, Zündspule 3 mit Leistungsendstufe, Zündspule 4 mit Leistungsendstufe, Zündkerze 1, Zündkerze 2, Zündkerze 3, Zündkerze 4
977
10 - Motorsteuergerät, Einspritzventil für Zylinder 1, Einspritzventil für Zylinder 2, Einspritzventil für Zylinder 3, Einspritzventil für Zylinder 4, Ventil für Saugrohrklappe, Ventil für Kraftstoffdosierung
978
11 - Motorsteuergerät, Magnetventil 1 für Aktivkohlebehälter, Regelventil für Kraftstoffdruck, Ventil 1 für Nockenwellenverstellung, Umluftventil für Turbolader, Ventil 1 für Nockenwellenverstellung im Auslass, Steuerventil für Kolbenkühldüsen
979
12 - Stellelement 2 für Nockenverstellung, Stellelement 3 für Nockenverstellung, Stellelement 4 für Nockenverstellung, Stellelement 7 für Nockenverstellung, Stellelement 8 für Nockenverstellung, Motorsteuergerät
980
13 - Motordrehzahlgeber, Hallgeber, Kraftstoffdruckgeber, Potentiometer für Saugrohrklappe, Motorsteuergerät	981
14 - Öldruckschalter, Öldruckschalter für reduzierten Öldruck, Öldruckschalter, Stufe 3, Klopfsensor 1, Kühlmitteltemperaturgeber am Kühlerausgang, Hallgeber 2, Motorsteuergerät
982
15 - Drosselklappensteuereinheit, Motorsteuergerät, Regelklappensteuereinheit	983
16 - Ladedruckgeber, Modul für Motortemperaturregelung, Motorsteuergerät	984
17 - Lambdasonde 1 nach Katalysator, Lambdasonde 1 vor Katalysator, Druckgeber 1 für Tankentlüftung, Motorsteuergerät	985
18 - Modul für Kraftstoffbehälter-Leckdiagnose, Motorsteuergerät, Steuergerät 2 für Kühlerlüfter, Steuergerät für Kraftstoffpumpe, Motorsteuergerät
986
19 - Motorsteuergerät, Motorsteuergerät, Pumpe für Kühlmittelumlauf, Umwälzpumpe	987
20 - Bremspedalschalter, Steuergerät für ABS, Motorsteuergerät, Diagnose-Interface für Datenbus, Motorsteuergerät	988
21 - Geber für Kühlmittelmangelanzeige, Zentralsteuergerät für Komfortsystem, Bordnetzsteuergerät, Motorsteuergerät, Regelventil für Kompressor der Klimaanlage
989
